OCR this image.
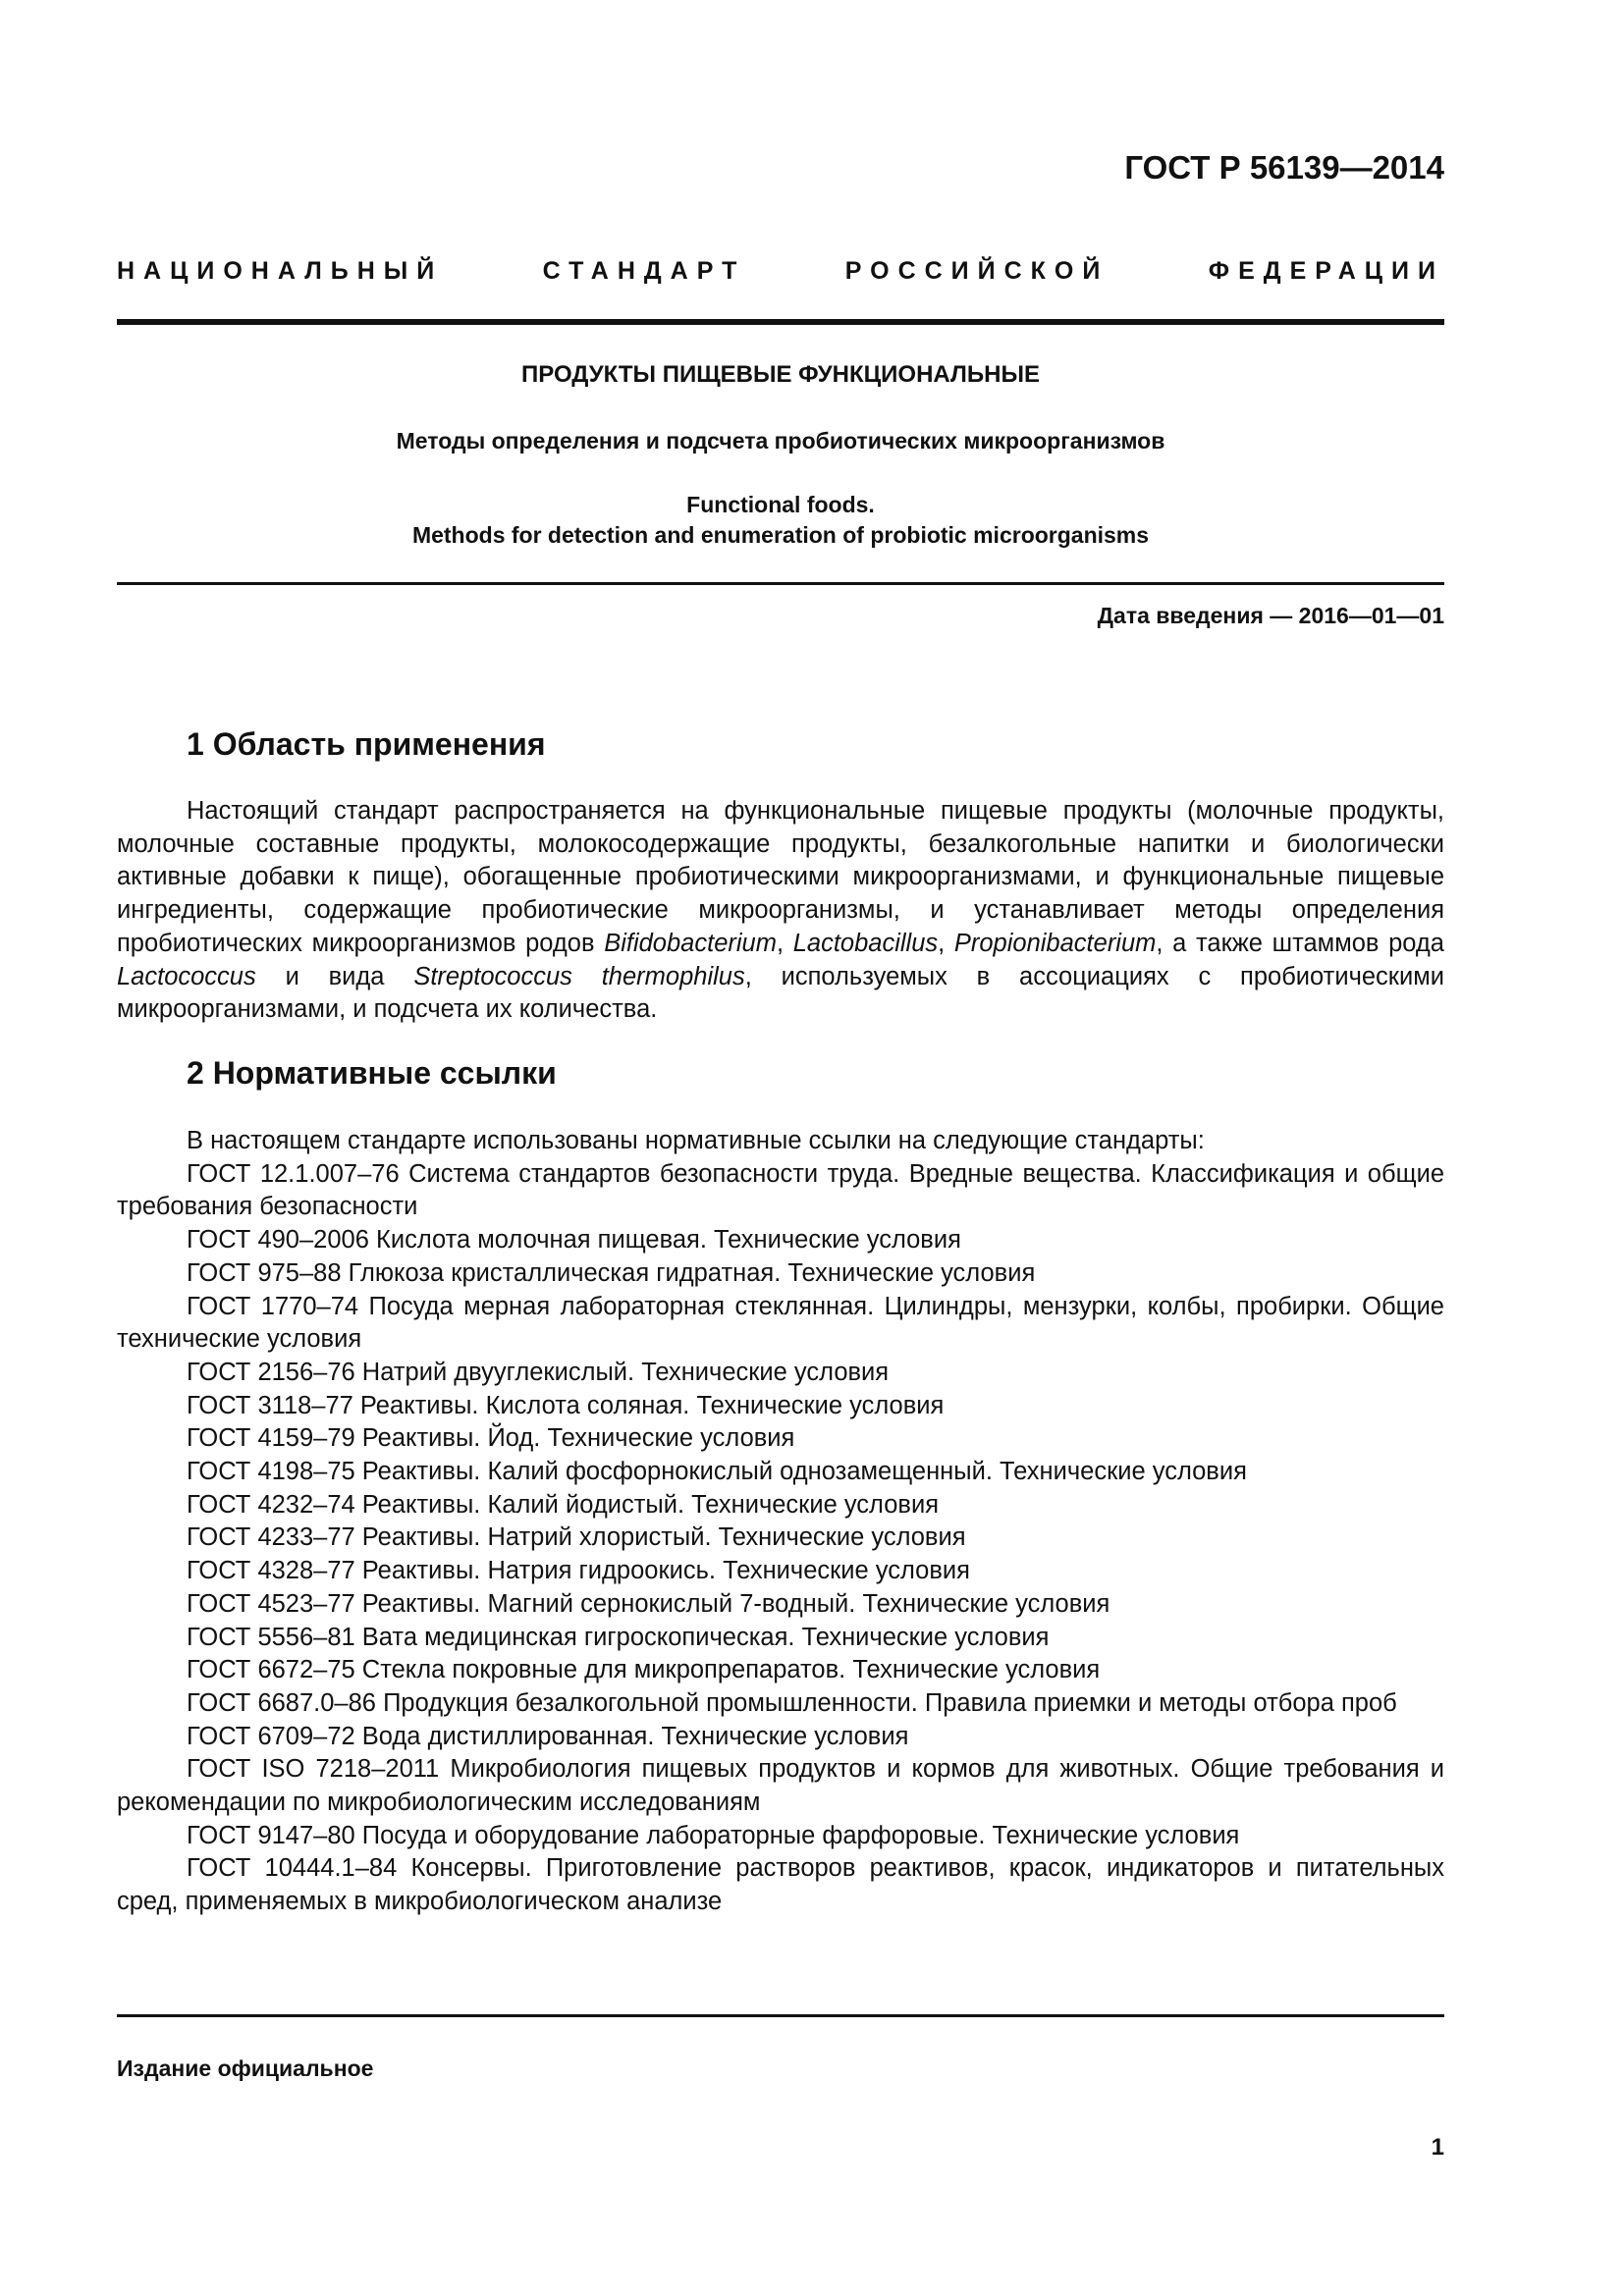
ГОСТ Р 56139—2014
НАЦИОНАЛЬНЫЙ СТАНДАРТ РОССИЙСКОЙ ФЕДЕРАЦИИ
ПРОДУКТЫ ПИЩЕВЫЕ ФУНКЦИОНАЛЬНЫЕ
Методы определения и подсчета пробиотических микроорганизмов
Functional foods.
Methods for detection and enumeration of probiotic microorganisms
Дата введения — 2016—01—01
1 Область применения

Настоящий стандарт распространяется на функциональные пищевые продукты (молочные продукты, молочные составные продукты, молокосодержащие продукты, безалкогольные напитки и биологически активные добавки к пище), обогащенные пробиотическими микроорганизмами, и функциональные пищевые ингредиенты, содержащие пробиотические микроорганизмы, и устанавливает методы определения пробиотических микроорганизмов родов Bifidobacterium, Lactobacillus, Propionibacterium, а также штаммов рода Lactococcus и вида Streptococcus thermophilus, используемых в ассоциациях с пробиотическими микроорганизмами, и подсчета их количества.

2 Нормативные ссылки

В настоящем стандарте использованы нормативные ссылки на следующие стандарты:

ГОСТ 12.1.007–76 Система стандартов безопасности труда. Вредные вещества. Классификация и общие требования безопасности

ГОСТ 490–2006 Кислота молочная пищевая. Технические условия

ГОСТ 975–88 Глюкоза кристаллическая гидратная. Технические условия

ГОСТ 1770–74 Посуда мерная лабораторная стеклянная. Цилиндры, мензурки, колбы, пробирки. Общие технические условия

ГОСТ 2156–76 Натрий двууглекислый. Технические условия

ГОСТ 3118–77 Реактивы. Кислота соляная. Технические условия

ГОСТ 4159–79 Реактивы. Йод. Технические условия

ГОСТ 4198–75 Реактивы. Калий фосфорнокислый однозамещенный. Технические условия

ГОСТ 4232–74 Реактивы. Калий йодистый. Технические условия

ГОСТ 4233–77 Реактивы. Натрий хлористый. Технические условия

ГОСТ 4328–77 Реактивы. Натрия гидроокись. Технические условия

ГОСТ 4523–77 Реактивы. Магний сернокислый 7-водный. Технические условия

ГОСТ 5556–81 Вата медицинская гигроскопическая. Технические условия

ГОСТ 6672–75 Стекла покровные для микропрепаратов. Технические условия

ГОСТ 6687.0–86 Продукция безалкогольной промышленности. Правила приемки и методы отбора проб

ГОСТ 6709–72 Вода дистиллированная. Технические условия

ГОСТ ISO 7218–2011 Микробиология пищевых продуктов и кормов для животных. Общие требования и рекомендации по микробиологическим исследованиям

ГОСТ 9147–80 Посуда и оборудование лабораторные фарфоровые. Технические условия

ГОСТ 10444.1–84 Консервы. Приготовление растворов реактивов, красок, индикаторов и питательных сред, применяемых в микробиологическом анализе

Издание официальное
1
